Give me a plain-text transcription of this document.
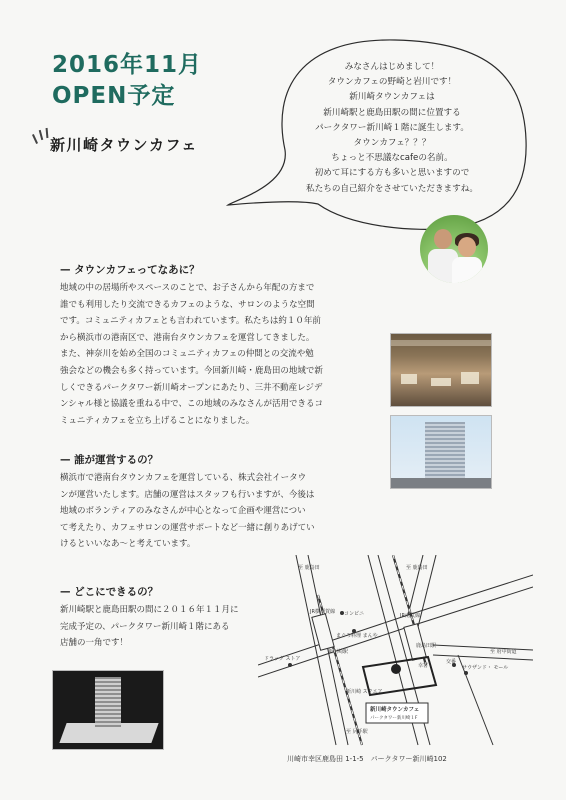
2016年11月
OPEN予定
新川崎タウンカフェ
みなさんはじめまして！
タウンカフェの野崎と岩川です！
新川崎タウンカフェは
新川崎駅と鹿島田駅の間に位置する
パークタワー新川崎１階に誕生します。
タウンカフェ？？？
ちょっと不思議なcafeの名前。
初めて耳にする方も多いと思いますので
私たちの自己紹介をさせていただきますね。
— タウンカフェってなあに？
地域の中の居場所やスペースのことで、お子さんから年配の方まで
誰でも利用したり交流できるカフェのような、サロンのような空間
です。コミュニティカフェとも言われています。私たちは約１０年前
から横浜市の港南区で、港南台タウンカフェを運営してきました。
また、神奈川を始め全国のコミュニティカフェの仲間との交流や勉
強会などの機会も多く持っています。今回新川崎・鹿島田の地域で新
しくできるパークタワー新川崎オープンにあたり、三井不動産レジデ
ンシャル様と協議を重ねる中で、この地域のみなさんが活用できるコ
ミュニティカフェを立ち上げることになりました。
— 誰が運営するの？
横浜市で港南台タウンカフェを運営している、株式会社イータウ
ンが運営いたします。店舗の運営はスタッフも行いますが、今後は
地域のボランティアのみなさんが中心となって企画や運営につい
て考えたり、カフェサロンの運営サポートなど一緒に創りあげてい
けるといいなあ～と考えています。
— どこにできるの？
新川崎駅と鹿島田駅の間に２０１６年１１月に
完成予定の、パークタワー新川崎１階にある
店舗の一角です！
コンビニ
まぐろ料理 まんや
ドラッグ ストア
新川崎 スクエア
幸署
交番
サウザンド・ モール
新川崎タウンカフェ
パークタワー新川崎１F
至 鹿島田	至 鹿島田
至 府中街道
JR横須賀線
JR南武線
新川崎駅
鹿島田駅
至 尻手駅
川崎市幸区鹿島田 1-1-5　パークタワー新川崎102
